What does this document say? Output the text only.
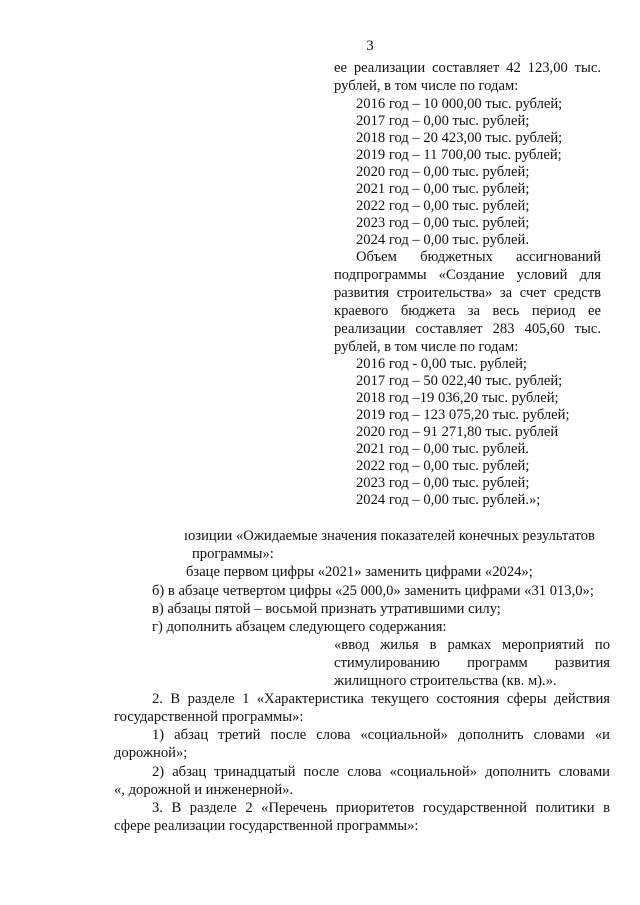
3
ее реализации составляет 42 123,00 тыс.
рублей, в том числе по годам:
2016 год – 10 000,00 тыс. рублей;
2017 год – 0,00 тыс. рублей;
2018 год – 20 423,00 тыс. рублей;
2019 год – 11 700,00 тыс. рублей;
2020 год – 0,00 тыс. рублей;
2021 год – 0,00 тыс. рублей;
2022 год – 0,00 тыс. рублей;
2023 год – 0,00 тыс. рублей;
2024 год – 0,00 тыс. рублей.
Объем бюджетных ассигнований
подпрограммы «Создание условий для
развития строительства» за счет средств
краевого бюджета за весь период ее
реализации составляет 283 405,60 тыс.
рублей, в том числе по годам:
2016 год - 0,00 тыс. рублей;
2017 год – 50 022,40 тыс. рублей;
2018 год –19 036,20 тыс. рублей;
2019 год – 123 075,20 тыс. рублей;
2020 год – 91 271,80 тыс. рублей
2021 год – 0,00 тыс. рублей.
2022 год – 0,00 тыс. рублей;
2023 год – 0,00 тыс. рублей;
2024 год – 0,00 тыс. рублей.»;
ıозиции «Ожидаемые значения показателей конечных результатов
программы»:
бзаце первом цифры «2021» заменить цифрами «2024»;
б) в абзаце четвертом цифры «25 000,0» заменить цифрами «31 013,0»;
в) абзацы пятой – восьмой признать утратившими силу;
г) дополнить абзацем следующего содержания:
«ввод жилья в рамках мероприятий по
стимулированию программ развития
жилищного строительства (кв. м).».
2. В разделе 1 «Характеристика текущего состояния сферы действия
государственной программы»:
1) абзац третий после слова «социальной» дополнить словами «и
дорожной»;
2) абзац тринадцатый после слова «социальной» дополнить словами
«, дорожной и инженерной».
3. В разделе 2 «Перечень приоритетов государственной политики в
сфере реализации государственной программы»:
